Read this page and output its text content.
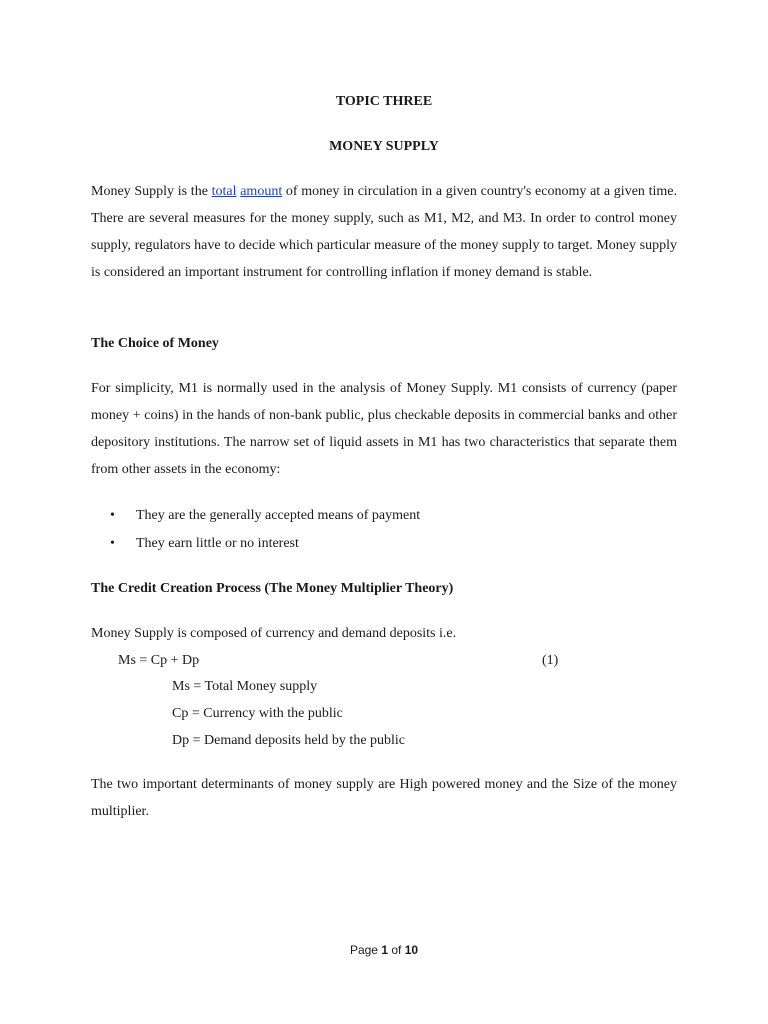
TOPIC THREE
MONEY SUPPLY
Money Supply is the total amount of money in circulation in a given country's economy at a given time. There are several measures for the money supply, such as M1, M2, and M3. In order to control money supply, regulators have to decide which particular measure of the money supply to target. Money supply is considered an important instrument for controlling inflation if money demand is stable.
The Choice of Money
For simplicity, M1 is normally used in the analysis of Money Supply. M1 consists of currency (paper money + coins) in the hands of non-bank public, plus checkable deposits in commercial banks and other depository institutions. The narrow set of liquid assets in M1 has two characteristics that separate them from other assets in the economy:
• They are the generally accepted means of payment
• They earn little or no interest
The Credit Creation Process (The Money Multiplier Theory)
Money Supply is composed of currency and demand deposits i.e.
Ms = Cp + Dp	(1)
Ms = Total Money supply
Cp = Currency with the public
Dp = Demand deposits held by the public
The two important determinants of money supply are High powered money and the Size of the money multiplier.
Page 1 of 10
